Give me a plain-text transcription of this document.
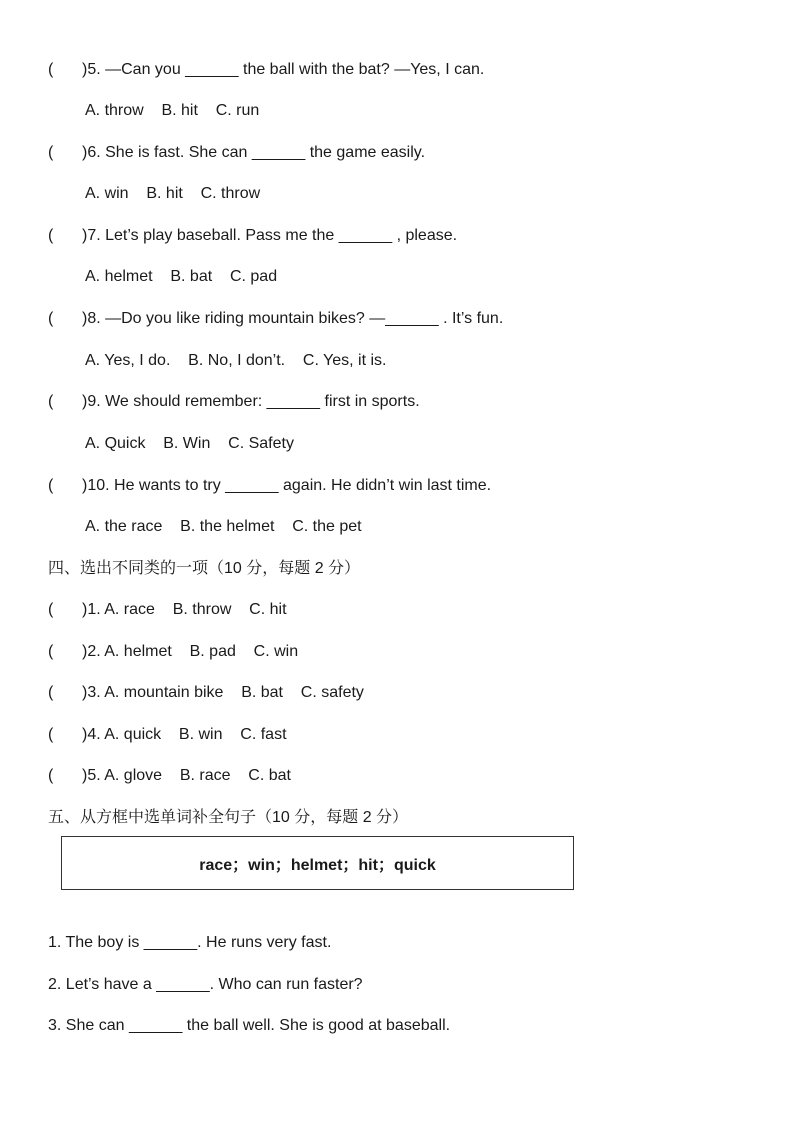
( )5. —Can you ______ the ball with the bat? —Yes, I can.
A. throw    B. hit    C. run
( )6. She is fast. She can ______ the game easily.
A. win    B. hit    C. throw
( )7. Let’s play baseball. Pass me the ______ , please.
A. helmet    B. bat    C. pad
( )8. —Do you like riding mountain bikes? —______ . It’s fun.
A. Yes, I do.    B. No, I don’t.    C. Yes, it is.
( )9. We should remember: ______ first in sports.
A. Quick    B. Win    C. Safety
( )10. He wants to try ______ again. He didn’t win last time.
A. the race    B. the helmet    C. the pet
四、选出不同类的一项（10 分，每题 2 分）
( )1. A. race    B. throw    C. hit
( )2. A. helmet    B. pad    C. win
( )3. A. mountain bike    B. bat    C. safety
( )4. A. quick    B. win    C. fast
( )5. A. glove    B. race    C. bat
五、从方框中选单词补全句子（10 分，每题 2 分）
race；win；helmet；hit；quick
1. The boy is ______. He runs very fast.
2. Let’s have a ______. Who can run faster?
3. She can ______ the ball well. She is good at baseball.
